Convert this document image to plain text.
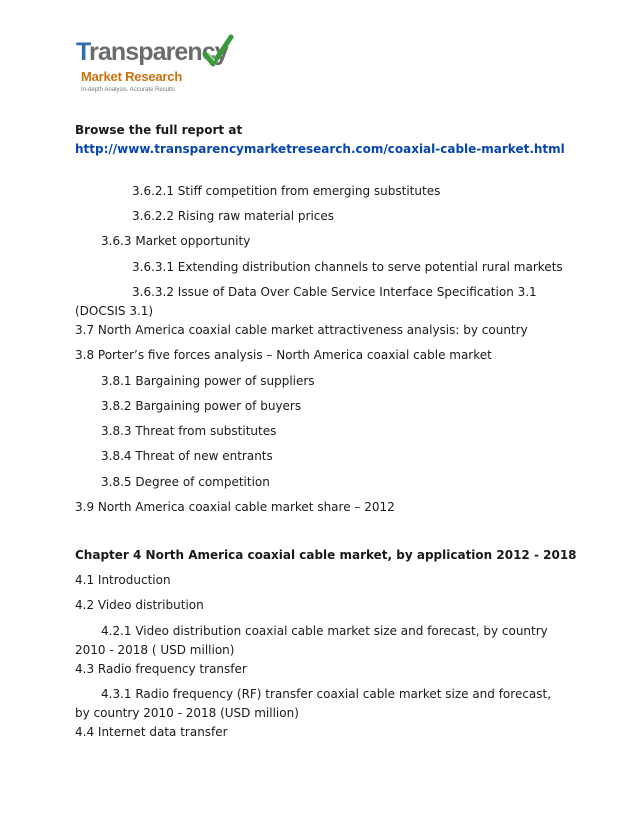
Transparency
Market Research
In-depth Analysis. Accurate Results
Browse the full report at http://www.transparencymarketresearch.com/coaxial-cable-market.html
3.6.2.1 Stiff competition from emerging substitutes
3.6.2.2 Rising raw material prices
3.6.3 Market opportunity
3.6.3.1 Extending distribution channels to serve potential rural markets
3.6.3.2 Issue of Data Over Cable Service Interface Specification 3.1 (DOCSIS 3.1)
3.7 North America coaxial cable market attractiveness analysis: by country
3.8 Porter’s five forces analysis – North America coaxial cable market
3.8.1 Bargaining power of suppliers
3.8.2 Bargaining power of buyers
3.8.3 Threat from substitutes
3.8.4 Threat of new entrants
3.8.5 Degree of competition
3.9 North America coaxial cable market share – 2012
Chapter 4 North America coaxial cable market, by application 2012 - 2018
4.1 Introduction
4.2 Video distribution
4.2.1 Video distribution coaxial cable market size and forecast, by country 2010 - 2018 ( USD million)
4.3 Radio frequency transfer
4.3.1 Radio frequency (RF) transfer coaxial cable market size and forecast, by country 2010 - 2018 (USD million)
4.4 Internet data transfer
